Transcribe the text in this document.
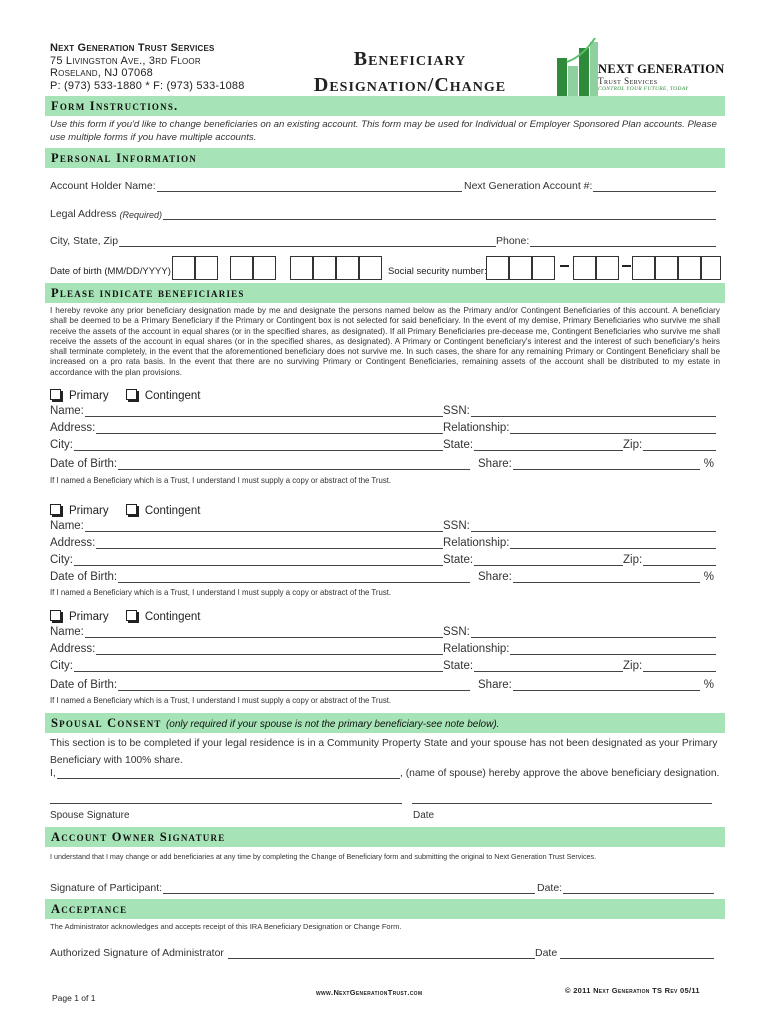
Next Generation Trust Services
75 Livingston Ave., 3rd Floor
Roseland, NJ 07068
P: (973) 533-1880 * F: (973) 533-1088
Beneficiary
Designation/Change
NEXT GENERATION
Trust Services
CONTROL YOUR FUTURE, TODAY
Form Instructions.
Use this form if you'd like to change beneficiaries on an existing account. This form may be used for Individual or Employer Sponsored Plan accounts. Please use multiple forms if you have multiple accounts.
Personal Information
Account Holder Name:	Next Generation Account #:
Legal Address
(Required)
City, State, Zip	Phone:
Date of birth (MM/DD/YYYY)	Social security number:
Please indicate beneficiaries
I hereby revoke any prior beneficiary designation made by me and designate the persons named below as the Primary and/or Contingent Beneficiaries of this account. A beneficiary shall be deemed to be a Primary Beneficiary if the Primary or Contingent box is not selected for said beneficiary. In the event of my demise, Primary Beneficiaries who survive me shall receive the assets of the account in equal shares (or in the specified shares, as designated). If all Primary Beneficiaries pre-decease me, Contingent Beneficiaries who survive me shall receive the assets of the account in equal shares (or in the specified shares, as designated). A Primary or Contingent beneficiary's interest and the interest of such beneficiary's heirs shall terminate completely, in the event that the aforementioned beneficiary does not survive me. In such cases, the share for any remaining Primary or Contingent Beneficiary shall be increased on a pro rata basis. In the event that there are no surviving Primary or Contingent Beneficiaries, remaining assets of the account shall be distributed to my estate in accordance with the plan provisions.
Primary	Contingent
Name:	SSN:
Address:	Relationship:
City:	State:	Zip:
Date of Birth:	Share:	%
If I named a Beneficiary which is a Trust, I understand I must supply a copy or abstract of the Trust.
Primary	Contingent
Name:	SSN:
Address:	Relationship:
City:	State:	Zip:
Date of Birth:	Share:	%
If I named a Beneficiary which is a Trust, I understand I must supply a copy or abstract of the Trust.
Primary	Contingent
Name:	SSN:
Address:	Relationship:
City:	State:	Zip:
Date of Birth:	Share:	%
If I named a Beneficiary which is a Trust, I understand I must supply a copy or abstract of the Trust.
Spousal Consent (only required if your spouse is not the primary beneficiary-see note below).
This section is to be completed if your legal residence is in a Community Property State and your spouse has not been designated as your Primary Beneficiary with 100% share.
I,	, (name of spouse) hereby approve the above beneficiary designation.
Spouse Signature	Date
Account Owner Signature
I understand that I may change or add beneficiaries at any time by completing the Change of Beneficiary form and submitting the original to Next Generation Trust Services.
Signature of Participant:	Date:
Acceptance
The Administrator acknowledges and accepts receipt of this IRA Beneficiary Designation or Change Form.
Authorized Signature of Administrator	Date
Page 1 of 1
www.NextGenerationTrust.com	© 2011 Next Generation TS Rev 05/11
